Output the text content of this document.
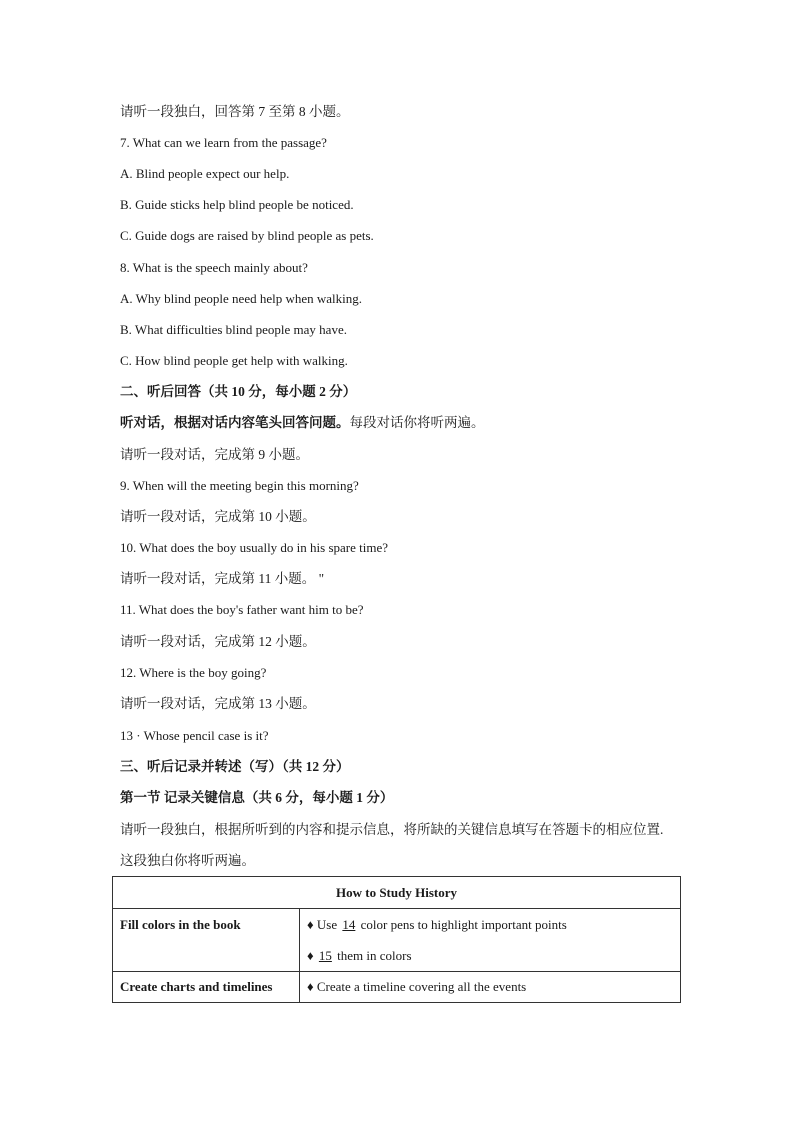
请听一段独白，回答第 7 至第 8 小题。
7. What can we learn from the passage?
A. Blind people expect our help.
B. Guide sticks help blind people be noticed.
C. Guide dogs are raised by blind people as pets.
8. What is the speech mainly about?
A. Why blind people need help when walking.
B. What difficulties blind people may have.
C. How blind people get help with walking.
二、听后回答（共 10 分，每小题 2 分）
听对话，根据对话内容笔头回答问题。每段对话你将听两遍。
请听一段对话，完成第 9 小题。
9. When will the meeting begin this morning?
请听一段对话，完成第 10 小题。
10. What does the boy usually do in his spare time?
请听一段对话，完成第 11 小题。 "
11. What does the boy's father want him to be?
请听一段对话，完成第 12 小题。
12. Where is the boy going?
请听一段对话，完成第 13 小题。
13 · Whose pencil case is it?
三、听后记录并转述（写）（共 12 分）
第一节 记录关键信息（共 6 分，每小题 1 分）
请听一段独白，根据所听到的内容和提示信息，将所缺的关键信息填写在答题卡的相应位置.
这段独白你将听两遍。
How to Study History	

Fill colors in the book	♦ Use 14 color pens to highlight important points
♦ 15 them in colors

Create charts and timelines	♦ Create a timeline covering all the events
